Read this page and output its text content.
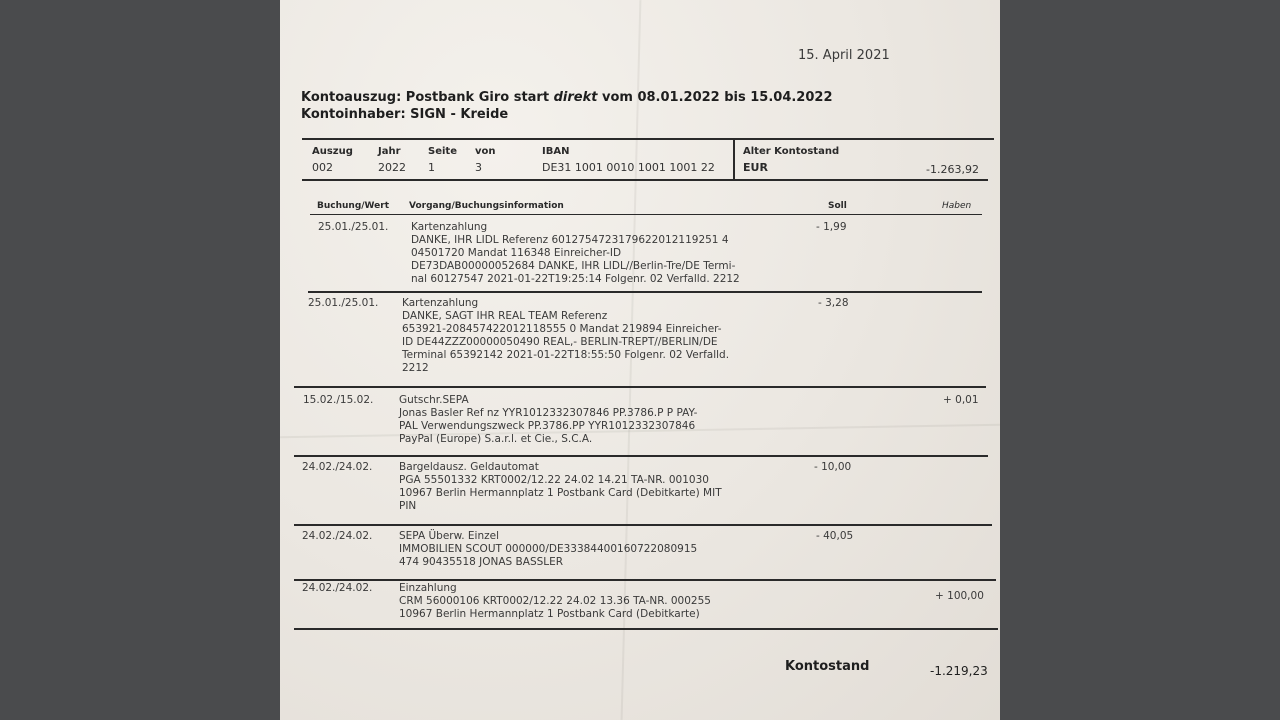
15. April 2021
Kontoauszug: Postbank Giro start direkt vom 08.01.2022 bis 15.04.2022
Kontoinhaber: SIGN - Kreide
Auszug	Jahr	Seite von	IBAN	Alter Kontostand
002	2022 1	3	DE31 1001 0010 1001 1001 22	EUR	-1.263,92
Buchung/Wert Vorgang/Buchungsinformation	Soll	Haben
25.01./25.01. Kartenzahlung
DANKE, IHR LIDL Referenz 6012754723179622012119251 4
04501720 Mandat 116348 Einreicher-ID
DE73DAB00000052684 DANKE, IHR LIDL//Berlin-Tre/DE Termi-
nal 60127547 2021-01-22T19:25:14 Folgenr. 02 Verfalld. 2212
- 1,99
25.01./25.01. Kartenzahlung
DANKE, SAGT IHR REAL TEAM Referenz
653921-208457422012118555 0 Mandat 219894 Einreicher-
ID DE44ZZZ00000050490 REAL,- BERLIN-TREPT//BERLIN/DE
Terminal 65392142 2021-01-22T18:55:50 Folgenr. 02 Verfalld.
2212
- 3,28
15.02./15.02. Gutschr.SEPA
Jonas Basler Ref nz YYR1012332307846 PP.3786.P P PAY-
PAL Verwendungszweck PP.3786.PP YYR1012332307846
PayPal (Europe) S.a.r.l. et Cie., S.C.A.
+ 0,01
24.02./24.02.	Bargeldausz. Geldautomat
PGA 55501332 KRT0002/12.22 24.02 14.21 TA-NR. 001030
10967 Berlin Hermannplatz 1 Postbank Card (Debitkarte) MIT
PIN
- 10,00
24.02./24.02.	SEPA Überw. Einzel
IMMOBILIEN SCOUT 000000/DE33384400160722080915
474 90435518 JONAS BASSLER
- 40,05
24.02./24.02.	Einzahlung
CRM 56000106 KRT0002/12.22 24.02 13.36 TA-NR. 000255
10967 Berlin Hermannplatz 1 Postbank Card (Debitkarte)
+ 100,00
Kontostand	-1.219,23
